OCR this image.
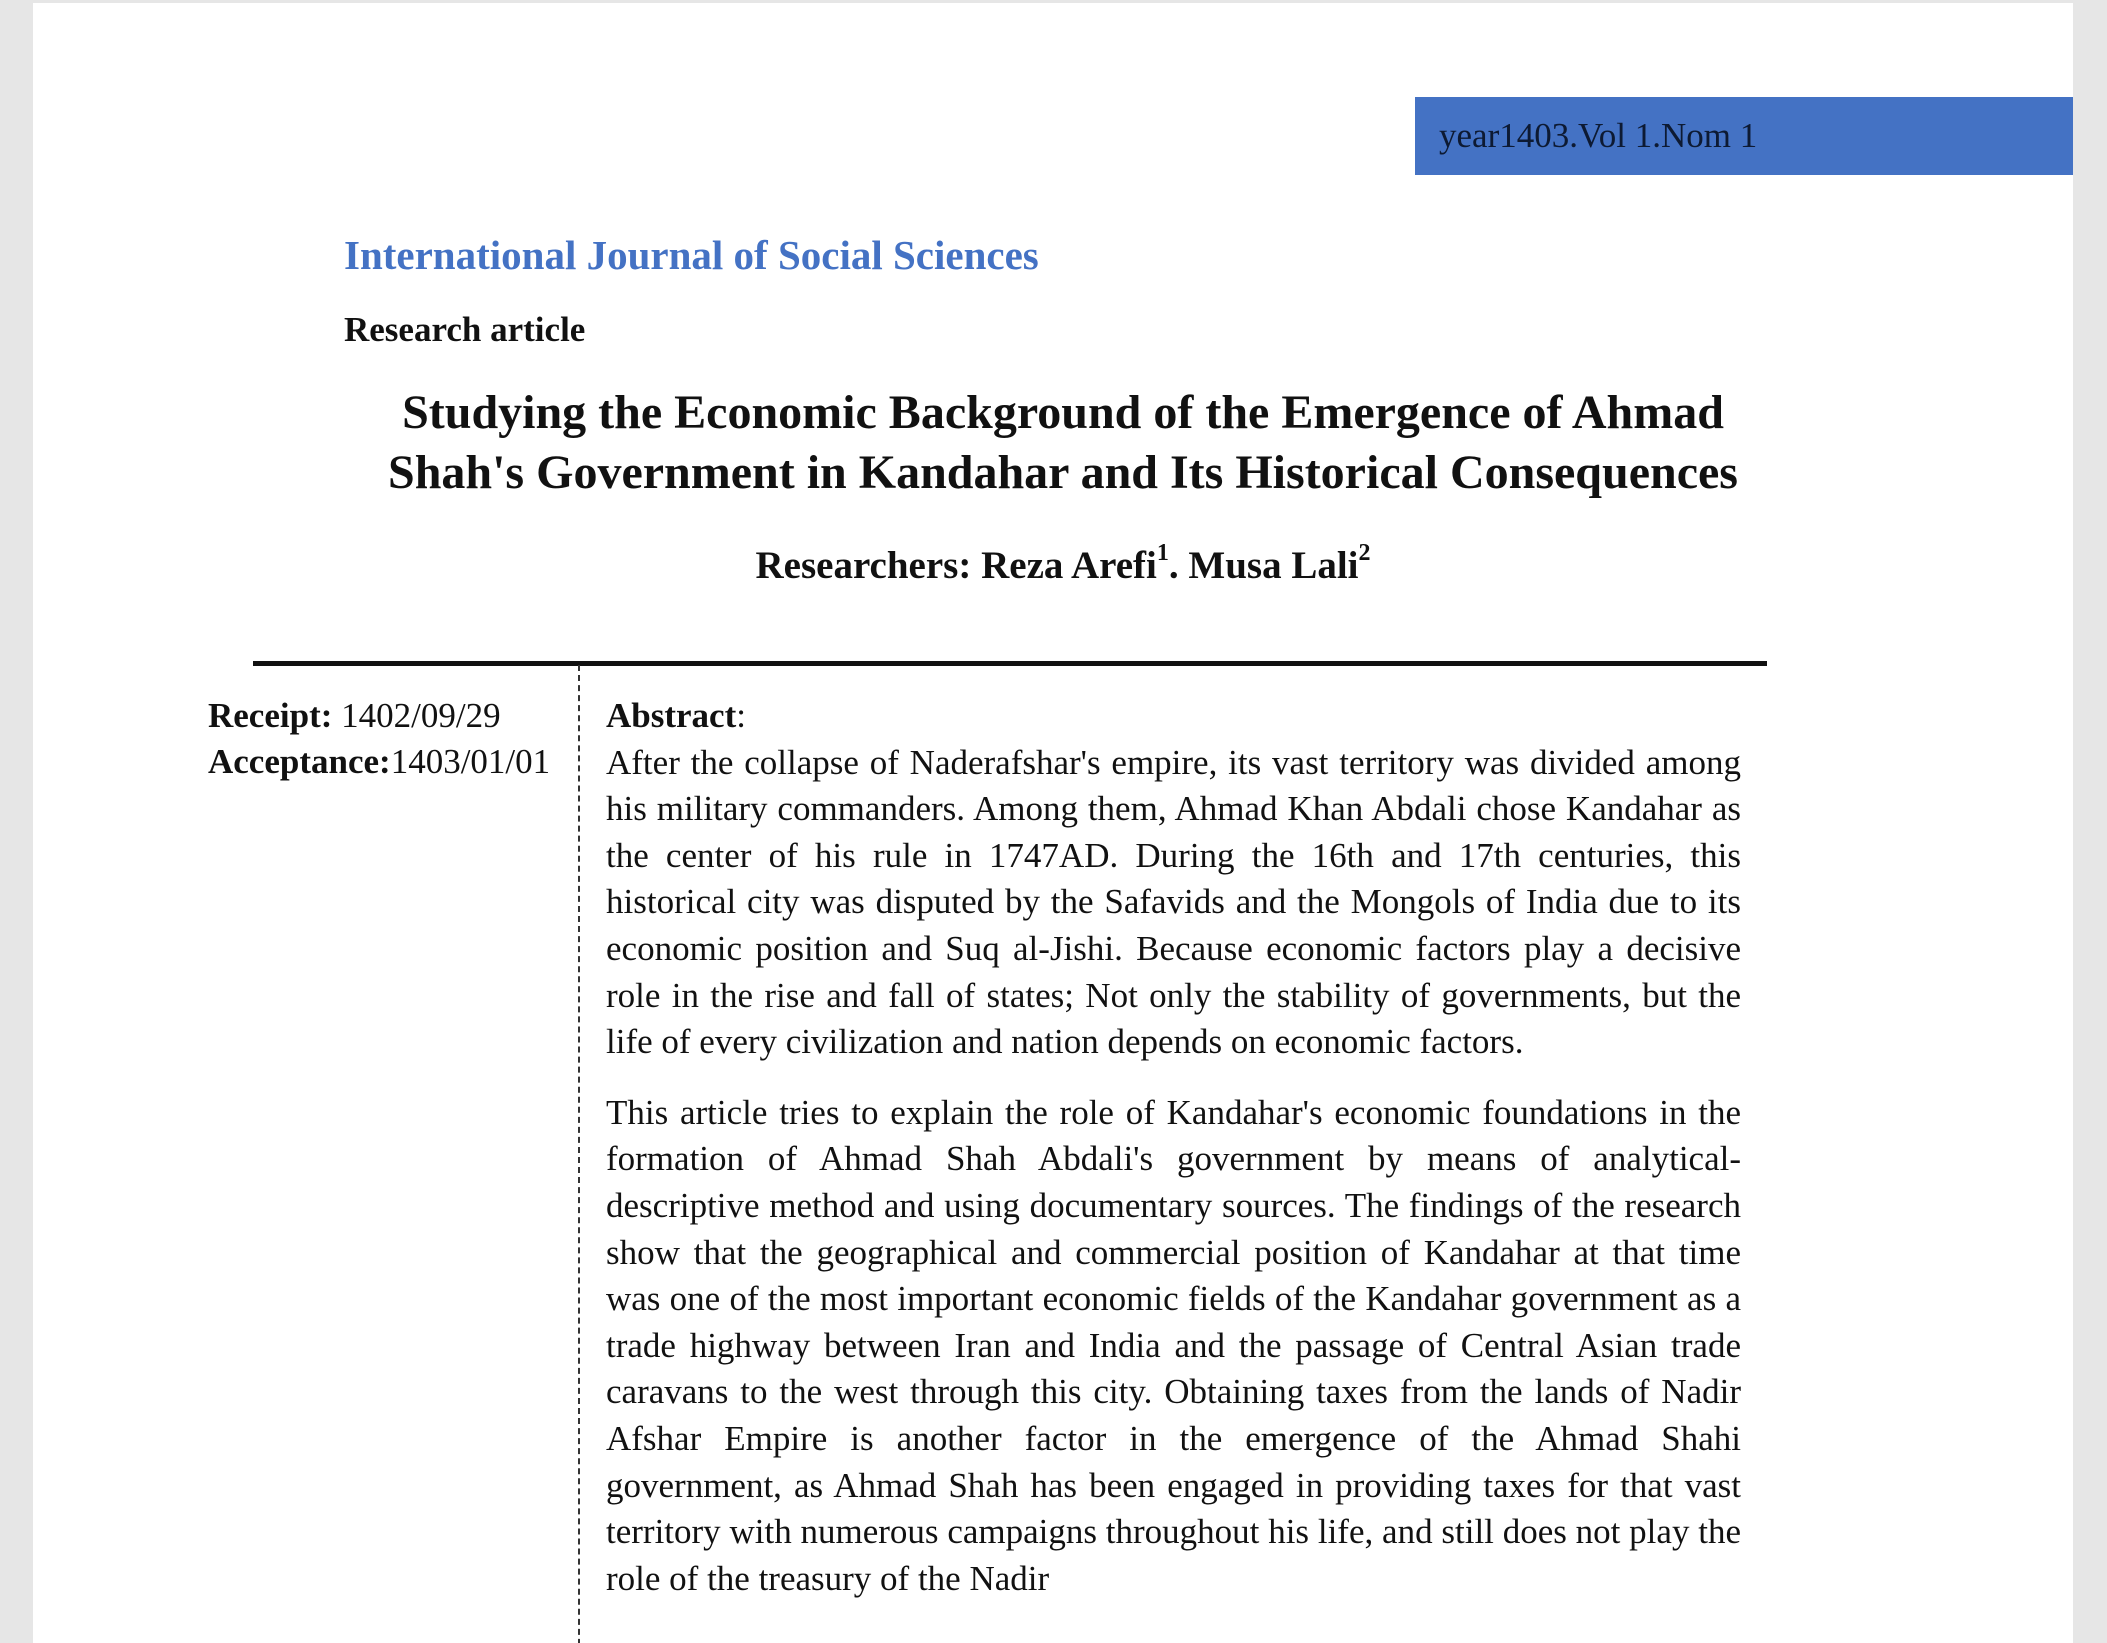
year1403.Vol 1.Nom 1
International Journal of Social Sciences
Research article
Studying the Economic Background of the Emergence of Ahmad
Shah's Government in Kandahar and Its Historical Consequences
Researchers: Reza Arefi$^1$. Musa Lali$^2$
Receipt: 1402/09/29
Acceptance:1403/01/01
Abstract:

After the collapse of Naderafshar's empire, its vast territory was divided among his military commanders. Among them, Ahmad Khan Abdali chose Kandahar as the center of his rule in 1747AD. During the 16th and 17th centuries, this historical city was disputed by the Safavids and the Mongols of India due to its economic position and Suq al-Jishi. Because economic factors play a decisive role in the rise and fall of states; Not only the stability of governments, but the life of every civilization and nation depends on economic factors.

This article tries to explain the role of Kandahar's economic foundations in the formation of Ahmad Shah Abdali's government by means of analytical-descriptive method and using documentary sources. The findings of the research show that the geographical and commercial position of Kandahar at that time was one of the most important economic fields of the Kandahar government as a trade highway between Iran and India and the passage of Central Asian trade caravans to the west through this city. Obtaining taxes from the lands of Nadir Afshar Empire is another factor in the emergence of the Ahmad Shahi government, as Ahmad Shah has been engaged in providing taxes for that vast territory with numerous campaigns throughout his life, and still does not play the role of the treasury of the Nadir
